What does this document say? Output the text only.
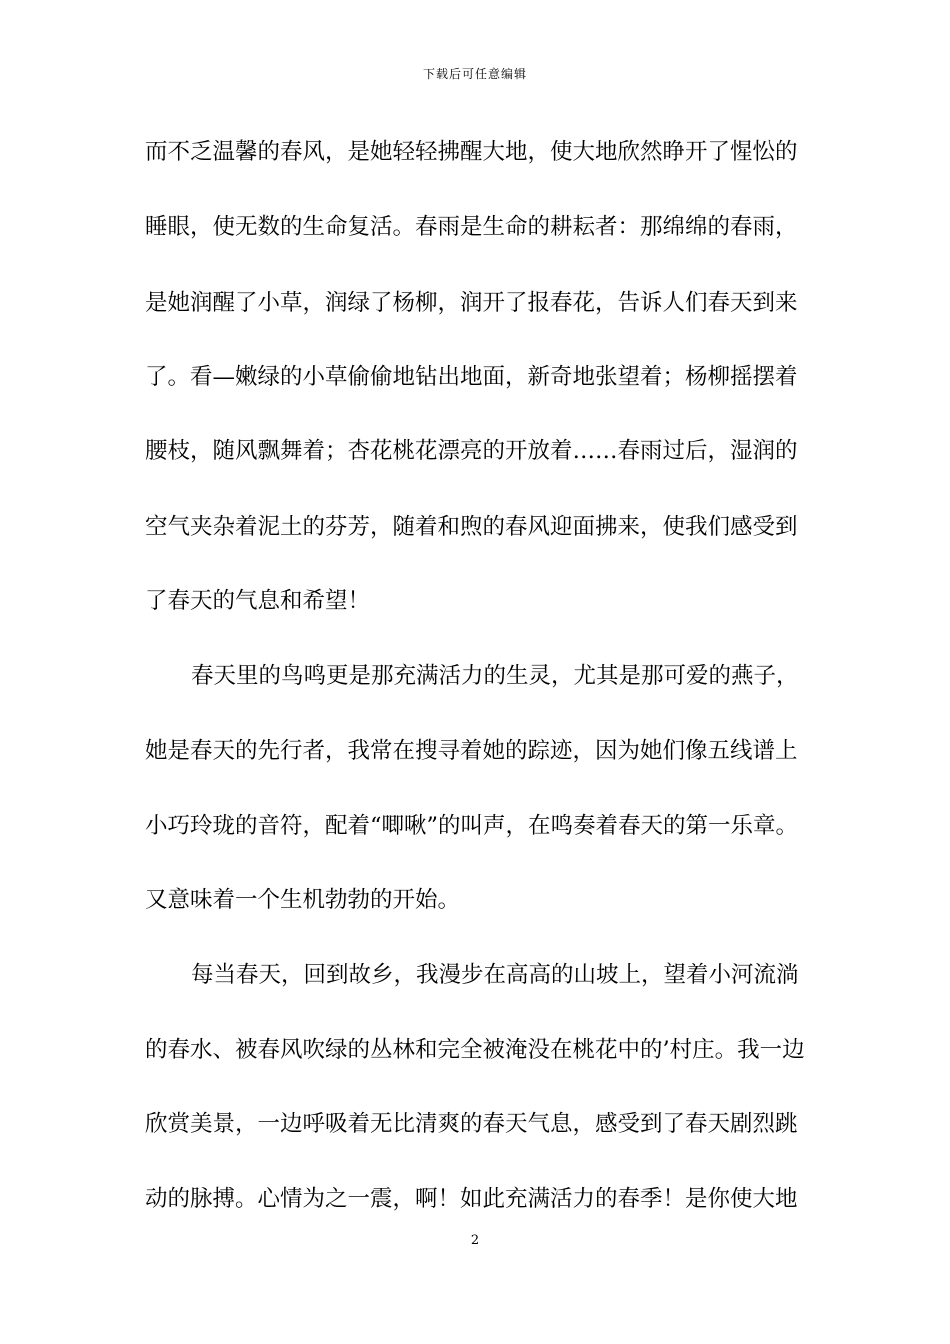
下载后可任意编辑
而不乏温馨的春风，是她轻轻拂醒大地，使大地欣然睁开了惺忪的
睡眼，使无数的生命复活。春雨是生命的耕耘者：那绵绵的春雨，
是她润醒了小草，润绿了杨柳，润开了报春花，告诉人们春天到来
了。看—嫩绿的小草偷偷地钻出地面，新奇地张望着；杨柳摇摆着
腰枝，随风飘舞着；杏花桃花漂亮的开放着……春雨过后，湿润的
空气夹杂着泥土的芬芳，随着和煦的春风迎面拂来，使我们感受到
了春天的气息和希望！
春天里的鸟鸣更是那充满活力的生灵，尤其是那可爱的燕子，
她是春天的先行者，我常在搜寻着她的踪迹，因为她们像五线谱上
小巧玲珑的音符，配着“唧啾”的叫声，在鸣奏着春天的第一乐章。
又意味着一个生机勃勃的开始。
每当春天，回到故乡，我漫步在高高的山坡上，望着小河流淌
的春水、被春风吹绿的丛林和完全被淹没在桃花中的’村庄。我一边
欣赏美景，一边呼吸着无比清爽的春天气息，感受到了春天剧烈跳
动的脉搏。心情为之一震，啊！如此充满活力的春季！是你使大地
2
